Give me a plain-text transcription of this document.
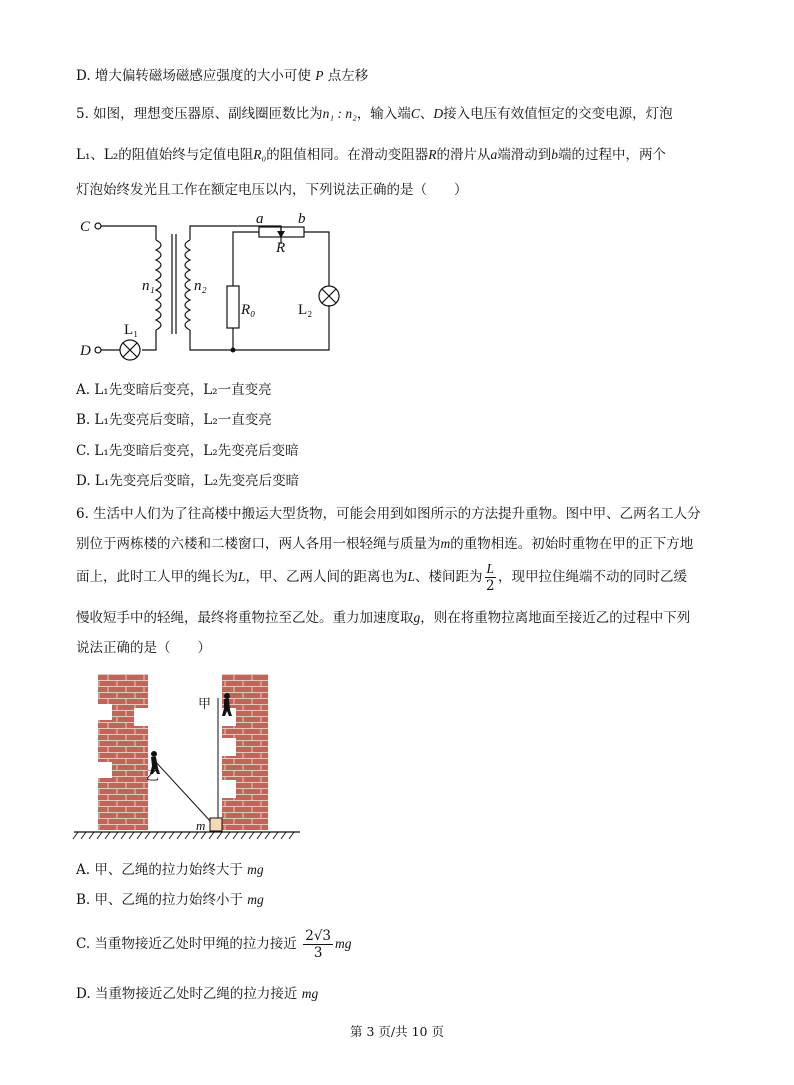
D. 增大偏转磁场磁感应强度的大小可使 P 点左移
5. 如图，理想变压器原、副线圈匝数比为n₁ : n₂，输入端C、D接入电压有效值恒定的交变电源，灯泡
L₁、L₂的阻值始终与定值电阻R₀的阻值相同。在滑动变阻器R的滑片从a端滑动到b端的过程中，两个
灯泡始终发光且工作在额定电压以内，下列说法正确的是（　　）
C
D
n₁	n₂
a b
R
R₀
L₁
L₂
A. L₁先变暗后变亮，L₂一直变亮
B. L₁先变亮后变暗，L₂一直变亮
C. L₁先变暗后变亮，L₂先变亮后变暗
D. L₁先变亮后变暗，L₂先变亮后变暗
6. 生活中人们为了往高楼中搬运大型货物，可能会用到如图所示的方法提升重物。图中甲、乙两名工人分
别位于两栋楼的六楼和二楼窗口，两人各用一根轻绳与质量为m的重物相连。初始时重物在甲的正下方地
面上，此时工人甲的绳长为L，甲、乙两人间的距离也为L、楼间距为 $\frac{L}{2}$ ，现甲拉住绳端不动的同时乙缓
慢收短手中的轻绳，最终将重物拉至乙处。重力加速度取g，则在将重物拉离地面至接近乙的过程中下列
说法正确的是（　　）
甲
乙
m
A. 甲、乙绳的拉力始终大于 mg
B. 甲、乙绳的拉力始终小于 mg
C. 当重物接近乙处时甲绳的拉力接近 $\frac{2√3}{3}$ mg
D. 当重物接近乙处时乙绳的拉力接近 mg
第 3 页/共 10 页
